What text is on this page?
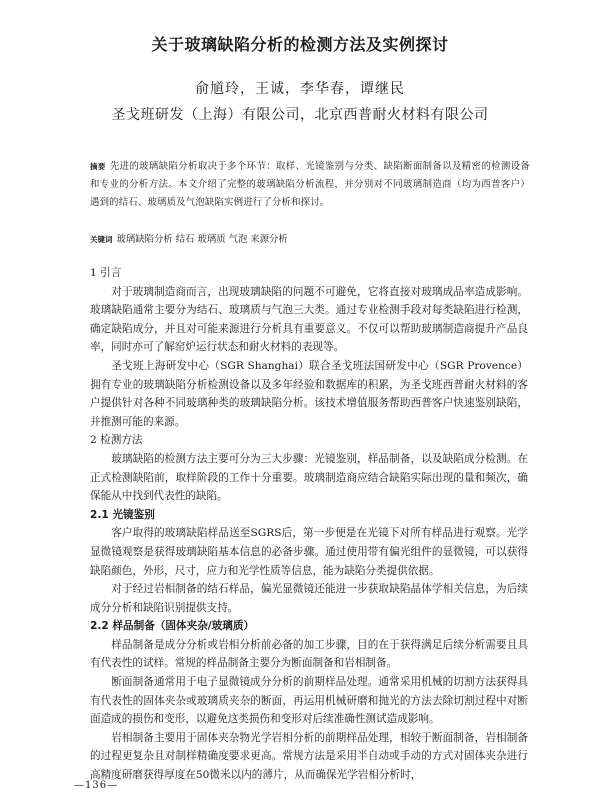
关于玻璃缺陷分析的检测方法及实例探讨
俞馗玲，王诚，李华春，谭继民
圣戈班研发（上海）有限公司，北京西普耐火材料有限公司
摘要 先进的玻璃缺陷分析取决于多个环节：取样、光镜鉴别与分类、缺陷断面制备以及精密的检测设备和专业的分析方法。本文介绍了完整的玻璃缺陷分析流程，并分别对不同玻璃制造商（均为西普客户）遇到的结石、玻璃质及气泡缺陷实例进行了分析和探讨。
关键词 玻璃缺陷分析 结石 玻璃质 气泡 来源分析
1 引言

对于玻璃制造商而言，出现玻璃缺陷的问题不可避免，它将直接对玻璃成品率造成影响。玻璃缺陷通常主要分为结石、玻璃质与气泡三大类。通过专业检测手段对每类缺陷进行检测，确定缺陷成分，并且对可能来源进行分析具有重要意义。不仅可以帮助玻璃制造商提升产品良率，同时亦可了解窑炉运行状态和耐火材料的表现等。

圣戈班上海研发中心（SGR Shanghai）联合圣戈班法国研发中心（SGR Provence）拥有专业的玻璃缺陷分析检测设备以及多年经验和数据库的积累，为圣戈班西普耐火材料的客户提供针对各种不同玻璃种类的玻璃缺陷分析。该技术增值服务帮助西普客户快速鉴别缺陷，并推测可能的来源。

2 检测方法

玻璃缺陷的检测方法主要可分为三大步骤：光镜鉴别，样品制备，以及缺陷成分检测。在正式检测缺陷前，取样阶段的工作十分重要。玻璃制造商应结合缺陷实际出现的量和频次，确保能从中找到代表性的缺陷。

2.1 光镜鉴别

客户取得的玻璃缺陷样品送至SGRS后，第一步便是在光镜下对所有样品进行观察。光学显微镜观察是获得玻璃缺陷基本信息的必备步骤。通过使用带有偏光组件的显微镜，可以获得缺陷颜色，外形，尺寸，应力和光学性质等信息，能为缺陷分类提供依据。

对于经过岩相制备的结石样品，偏光显微镜还能进一步获取缺陷晶体学相关信息，为后续成分分析和缺陷识别提供支持。

2.2 样品制备（固体夹杂/玻璃质）

样品制备是成分分析或岩相分析前必备的加工步骤，目的在于获得满足后续分析需要且具有代表性的试样。常规的样品制备主要分为断面制备和岩相制备。

断面制备通常用于电子显微镜成分分析的前期样品处理。通常采用机械的切割方法获得具有代表性的固体夹杂或玻璃质夹杂的断面，再运用机械研磨和抛光的方法去除切割过程中对断面造成的损伤和变形，以避免这类损伤和变形对后续准确性测试造成影响。

岩相制备主要用于固体夹杂物光学岩相分析的前期样品处理，相较于断面制备，岩相制备的过程更复杂且对制样精确度要求更高。常规方法是采用半自动或手动的方式对固体夹杂进行高精度研磨获得厚度在50微米以内的薄片，从而确保光学岩相分析时，

—136—
